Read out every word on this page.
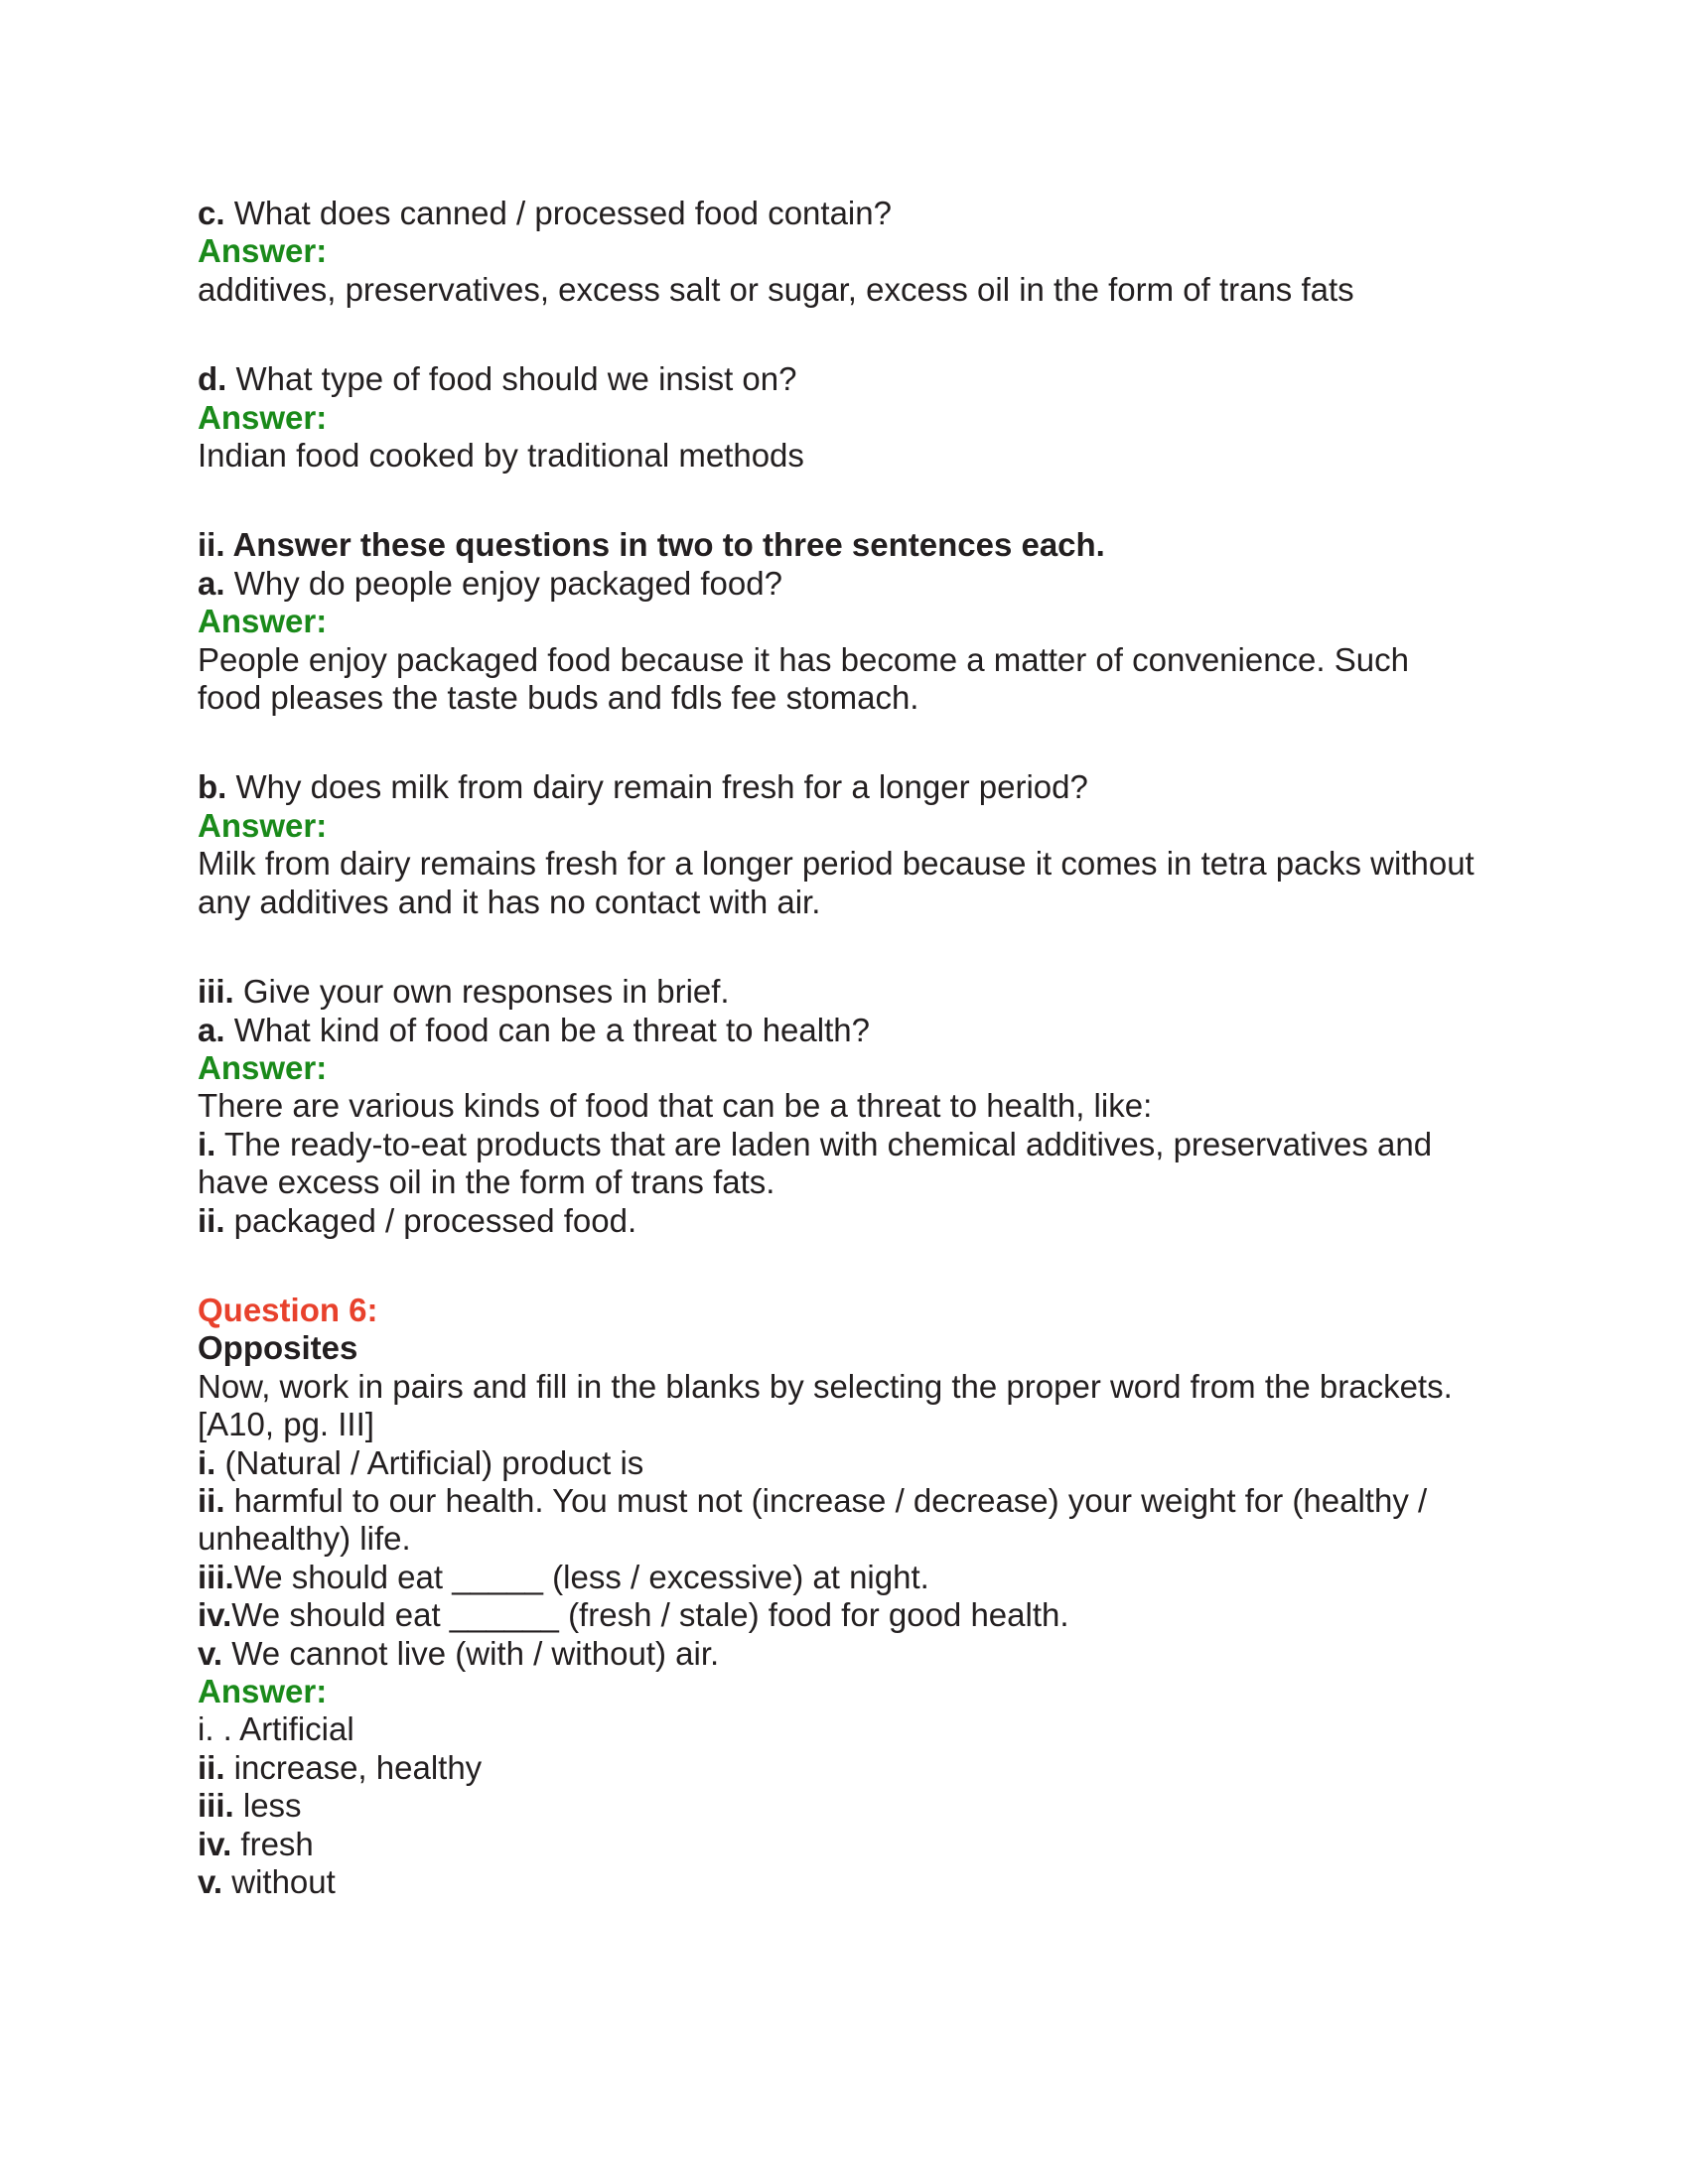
c. What does canned / processed food contain?
Answer:
additives, preservatives, excess salt or sugar, excess oil in the form of trans fats
d. What type of food should we insist on?
Answer:
Indian food cooked by traditional methods
ii. Answer these questions in two to three sentences each.
a. Why do people enjoy packaged food?
Answer:
People enjoy packaged food because it has become a matter of convenience. Such
food pleases the taste buds and fdls fee stomach.
b. Why does milk from dairy remain fresh for a longer period?
Answer:
Milk from dairy remains fresh for a longer period because it comes in tetra packs without
any additives and it has no contact with air.
iii. Give your own responses in brief.
a. What kind of food can be a threat to health?
Answer:
There are various kinds of food that can be a threat to health, like:
i. The ready-to-eat products that are laden with chemical additives, preservatives and
have excess oil in the form of trans fats.
ii. packaged / processed food.
Question 6:
Opposites
Now, work in pairs and fill in the blanks by selecting the proper word from the brackets.
[A10, pg. III]
i. (Natural / Artificial) product is
ii. harmful to our health. You must not (increase / decrease) your weight for (healthy /
unhealthy) life.
iii.We should eat _____ (less / excessive) at night.
iv.We should eat ______ (fresh / stale) food for good health.
v. We cannot live (with / without) air.
Answer:
i. . Artificial
ii. increase, healthy
iii. less
iv. fresh
v. without
